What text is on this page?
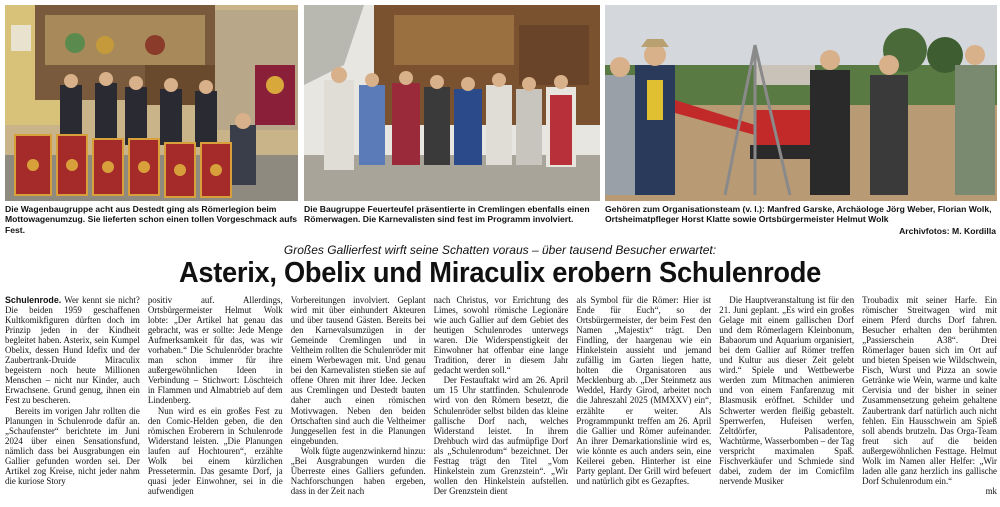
Die Wagenbaugruppe acht aus Destedt ging als Römerlegion beim Mottowagenumzug. Sie lieferten schon einen tollen Vorgeschmack aufs Fest.
Die Baugruppe Feuerteufel präsentierte in Cremlingen ebenfalls einen Römerwagen. Die Karnevalisten sind fest im Programm involviert.
Gehören zum Organisationsteam (v. l.): Manfred Garske, Archäologe Jörg Weber, Florian Wolk, Ortsheimatpfleger Horst Klatte sowie Ortsbürgermeister Helmut Wolk
Archivfotos: M. Kordilla
Großes Gallierfest wirft seine Schatten voraus – über tausend Besucher erwartet:
Asterix, Obelix und Miraculix erobern Schulenrode

Schulenrode. Wer kennt sie nicht? Die beiden 1959 geschaffenen Kultkomikfiguren dürften doch im Prinzip jeden in der Kindheit begleitet haben. Asterix, sein Kumpel Obelix, dessen Hund Idefix und der Zaubertrank-Druide Miraculix begeistern noch heute Millionen Menschen – nicht nur Kinder, auch Erwachsene. Grund genug, ihnen ein Fest zu bescheren.

Bereits im vorigen Jahr rollten die Planungen in Schulenrode dafür an. „Schaufenster“ berichtete im Juni 2024 über einen Sensationsfund, nämlich dass bei Ausgrabungen ein Gallier gefunden worden sei. Der Artikel zog Kreise, nicht jeder nahm die kuriose Story

positiv auf. Allerdings, Ortsbürgermeister Helmut Wolk lobte: „Der Artikel hat genau das gebracht, was er sollte: Jede Menge Aufmerksamkeit für das, was wir vorhaben.“ Die Schulenröder brachte man schon immer für ihre außergewöhnlichen Ideen in Verbindung – Stichwort: Löschteich in Flammen und Almabtrieb auf dem Lindenberg.

Nun wird es ein großes Fest zu den Comic-Helden geben, die den römischen Eroberern in Schulenrode Widerstand leisten. „Die Planungen laufen auf Hochtouren“, erzählte Wolk bei einem kürzlichen Pressetermin. Das gesamte Dorf, ja quasi jeder Einwohner, sei in die aufwendigen

Vorbereitungen involviert. Geplant wird mit über einhundert Akteuren und über tausend Gästen. Bereits bei den Karnevalsumzügen in der Gemeinde Cremlingen und in Veltheim rollten die Schulenröder mit einem Werbewagen mit. Und genau bei den Karnevalisten stießen sie auf offene Ohren mit ihrer Idee. Jecken aus Cremlingen und Destedt bauten daher auch einen römischen Motivwagen. Neben den beiden Ortschaften sind auch die Veltheimer Junggesellen fest in die Planungen eingebunden.

Wolk fügte augenzwinkernd hinzu: „Bei Ausgrabungen wurden die Überreste eines Galliers gefunden. Nachforschungen haben ergeben, dass in der Zeit nach

nach Christus, vor Errichtung des Limes, sowohl römische Legionäre wie auch Gallier auf dem Gebiet des heutigen Schulenrodes unterwegs waren. Die Widerspenstigkeit der Einwohner hat offenbar eine lange Tradition, derer in diesem Jahr gedacht werden soll.“

Der Festauftakt wird am 26. April um 15 Uhr stattfinden. Schulenrode wird von den Römern besetzt, die Schulenröder selbst bilden das kleine gallische Dorf nach, welches Widerstand leistet. In ihrem Drehbuch wird das aufmüpfige Dorf als „Schulenrodum“ bezeichnet. Der Festtag trägt den Titel „Vom Hinkelstein zum Grenzstein“. „Wir wollen den Hinkelstein aufstellen. Der Grenzstein dient

als Symbol für die Römer: Hier ist Ende für Euch“, so der Ortsbürgermeister, der beim Fest den Namen „Majestix“ trägt. Den Findling, der haargenau wie ein Hinkelstein aussieht und jemand zufällig im Garten liegen hatte, holten die Organisatoren aus Mecklenburg ab. „Der Steinmetz aus Weddel, Hardy Girod, arbeitet noch die Jahreszahl 2025 (MMXXV) ein“, erzählte er weiter. Als Programmpunkt treffen am 26. April die Gallier und Römer aufeinander. An ihrer Demarkationslinie wird es, wie könnte es auch anders sein, eine Keilerei geben. Hinterher ist eine Party geplant. Der Grill wird befeuert und natürlich gibt es Gezapftes.

Die Hauptveranstaltung ist für den 21. Juni geplant. „Es wird ein großes Gelage mit einem gallischen Dorf und dem Römerlagern Kleinbonum, Babaorum und Aquarium organisiert, bei dem Gallier auf Römer treffen und Kultur aus dieser Zeit gelebt wird.“ Spiele und Wettbewerbe werden zum Mitmachen animieren und von einem Fanfarenzug mit Blasmusik eröffnet. Schilder und Schwerter werden fleißig gebastelt. Sperrwerfen, Hufeisen werfen, Zeltdörfer, Palisadentore, Wachtürme, Wasserbomben – der Tag verspricht maximalen Spaß. Fischverkäufer und Schmiede sind dabei, zudem der im Comicfilm nervende Musiker

Troubadix mit seiner Harfe. Ein römischer Streitwagen wird mit einem Pferd durchs Dorf fahren. Besucher erhalten den berühmten „Passierschein A38“. Drei Römerlager bauen sich im Ort auf und bieten Speisen wie Wildschwein, Fisch, Wurst und Pizza an sowie Getränke wie Wein, warme und kalte Cervisia und der bisher in seiner Zusammensetzung geheim gehaltene Zaubertrank darf natürlich auch nicht fehlen. Ein Hausschwein am Spieß soll abends brutzeln. Das Orga-Team freut sich auf die beiden außergewöhnlichen Festtage. Helmut Wolk im Namen aller Helfer: „Wir laden alle ganz herzlich ins gallische Dorf Schulenrodum ein.“

mk
